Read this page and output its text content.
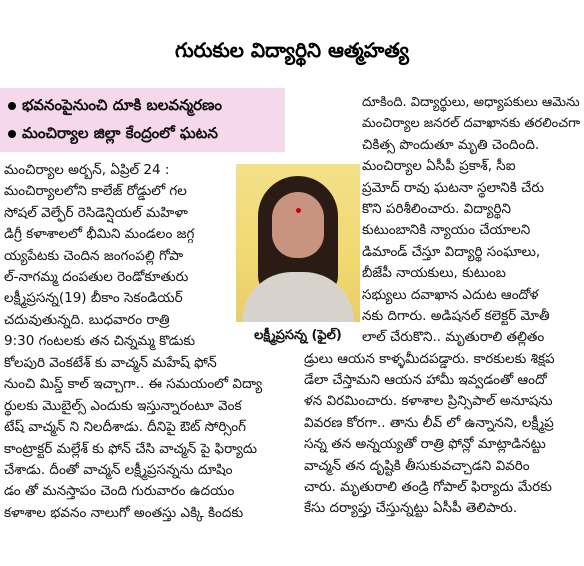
గురుకుల విద్యార్థిని ఆత్మహత్య
భవనంపైనుంచి దూకి బలవన్మరణం
మంచిర్యాల జిల్లా కేంద్రంలో ఘటన
మంచిర్యాల అర్బన్, ఏప్రిల్ 24 :
మంచిర్యాలలోని కాలేజ్ రోడ్డులో గల
సోషల్ వెల్ఫేర్ రెసిడెన్షియల్ మహిళా
డిగ్రీ కళాశాలలో భీమిని మండలం జగ్గ
య్యపేటకు చెందిన జంగంపల్లి గోపా
ల్-నాగమ్మ దంపతుల రెండోకూతురు
లక్ష్మీప్రసన్న(19) బీకాం సెకండియర్
చదువుతున్నది. బుధవారం రాత్రి
9:30 గంటలకు తన చిన్నమ్మ కొడుకు	లక్ష్మీప్రసన్న (ఫైల్)
దూకింది. విద్యార్థులు, అధ్యాపకులు ఆమెను
మంచిర్యాల జనరల్ దవాఖానకు తరలించగా
చికిత్స పొందుతూ మృతి చెందింది.
మంచిర్యాల ఏసీపీ ప్రకాశ్, సీఐ
ప్రమోద్ రావు ఘటనా స్థలానికి చేరు
కొని పరిశీలించారు. విద్యార్థిని
కుటుంబానికి న్యాయం చేయాలని
డిమాండ్ చేస్తూ విద్యార్థి సంఘాలు,
బీజేపీ నాయకులు, కుటుంబ
సభ్యులు దవాఖాన ఎదుట ఆందోళ
నకు దిగారు. అడిషనల్ కలెక్టర్ మోతీ
లాల్ చేరుకొని.. మృతురాలి తల్లితం
డ్రులు ఆయన కాళ్ళమీదపడ్డారు. కారకులకు శిక్షప
డేలా చేస్తామని ఆయన హామీ ఇవ్వడంతో ఆందో
ళన విరమించారు. కళాశాల ప్రిన్సిపాల్ అనూషను
వివరణ కోరగా.. తాను లీవ్ లో ఉన్నానని, లక్ష్మీప్ర
సన్న తన అన్నయ్యతో రాత్రి ఫోన్లో మాట్లాడినట్టు
వాచ్మన్ తన దృష్టికి తీసుకువచ్చాడని వివరిం
చారు. మృతురాలి తండ్రి గోపాల్ ఫిర్యాదు మేరకు
కేసు దర్యాప్తు చేస్తున్నట్టు ఏసీపీ తెలిపారు.
కోలపురి వెంకటేశ్ కు వాచ్మన్ మహేష్ ఫోన్
నుంచి మిస్డ్ కాల్ ఇచ్చాగా.. ఈ సమయంలో విద్యా
ర్థులకు మొబైల్స్ ఎందుకు ఇస్తున్నారంటూ వెంక
టేష్ వాచ్మన్ ని నిలదీశాడు. దీనిపై ఔట్ సోర్సింగ్
కాంట్రాక్టర్ మల్లేశ్ కు ఫోన్ చేసి వాచ్మన్ పై ఫిర్యాదు
చేశాడు. దీంతో వాచ్మన్ లక్ష్మీప్రసన్నను దూషిం
డం తో మనస్తాపం చెంది గురువారం ఉదయం
కళాశాల భవనం నాలుగో అంతస్తు ఎక్కి కిందకు
